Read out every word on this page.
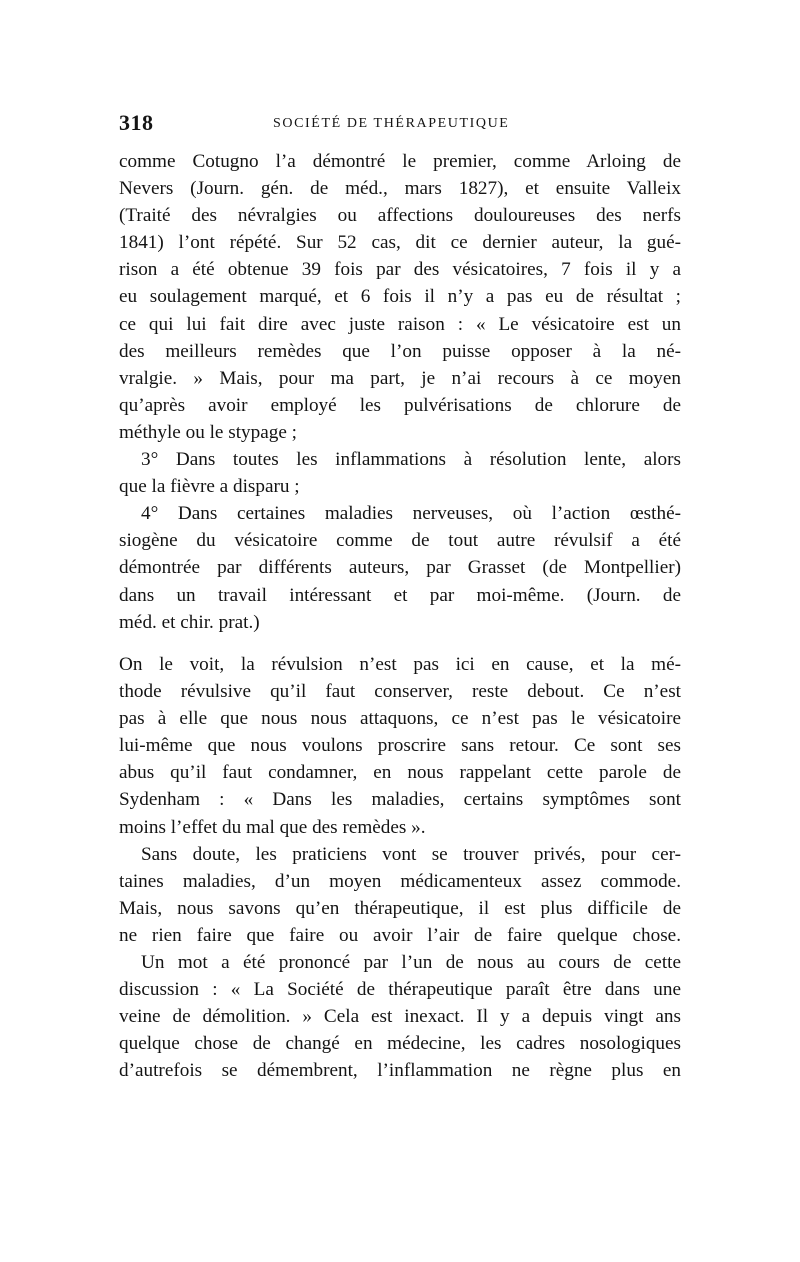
318	SOCIÉTÉ DE THÉRAPEUTIQUE
comme Cotugno l’a démontré le premier, comme Arloing de
Nevers (Journ. gén. de méd., mars 1827), et ensuite Valleix
(Traité des névralgies ou affections douloureuses des nerfs
1841) l’ont répété. Sur 52 cas, dit ce dernier auteur, la gué-
rison a été obtenue 39 fois par des vésicatoires, 7 fois il y a
eu soulagement marqué, et 6 fois il n’y a pas eu de résultat ;
ce qui lui fait dire avec juste raison : « Le vésicatoire est un
des meilleurs remèdes que l’on puisse opposer à la né-
vralgie. » Mais, pour ma part, je n’ai recours à ce moyen
qu’après avoir employé les pulvérisations de chlorure de
méthyle ou le stypage ;
3° Dans toutes les inflammations à résolution lente, alors
que la fièvre a disparu ;
4° Dans certaines maladies nerveuses, où l’action œsthé-
siogène du vésicatoire comme de tout autre révulsif a été
démontrée par différents auteurs, par Grasset (de Montpellier)
dans un travail intéressant et par moi-même. (Journ. de
méd. et chir. prat.)
On le voit, la révulsion n’est pas ici en cause, et la mé-
thode révulsive qu’il faut conserver, reste debout. Ce n’est
pas à elle que nous nous attaquons, ce n’est pas le vésicatoire
lui-même que nous voulons proscrire sans retour. Ce sont ses
abus qu’il faut condamner, en nous rappelant cette parole de
Sydenham : « Dans les maladies, certains symptômes sont
moins l’effet du mal que des remèdes ».
Sans doute, les praticiens vont se trouver privés, pour cer-
taines maladies, d’un moyen médicamenteux assez commode.
Mais, nous savons qu’en thérapeutique, il est plus difficile de
ne rien faire que faire ou avoir l’air de faire quelque chose.
Un mot a été prononcé par l’un de nous au cours de cette
discussion : « La Société de thérapeutique paraît être dans une
veine de démolition. » Cela est inexact. Il y a depuis vingt ans
quelque chose de changé en médecine, les cadres nosologiques
d’autrefois se démembrent, l’inflammation ne règne plus en
